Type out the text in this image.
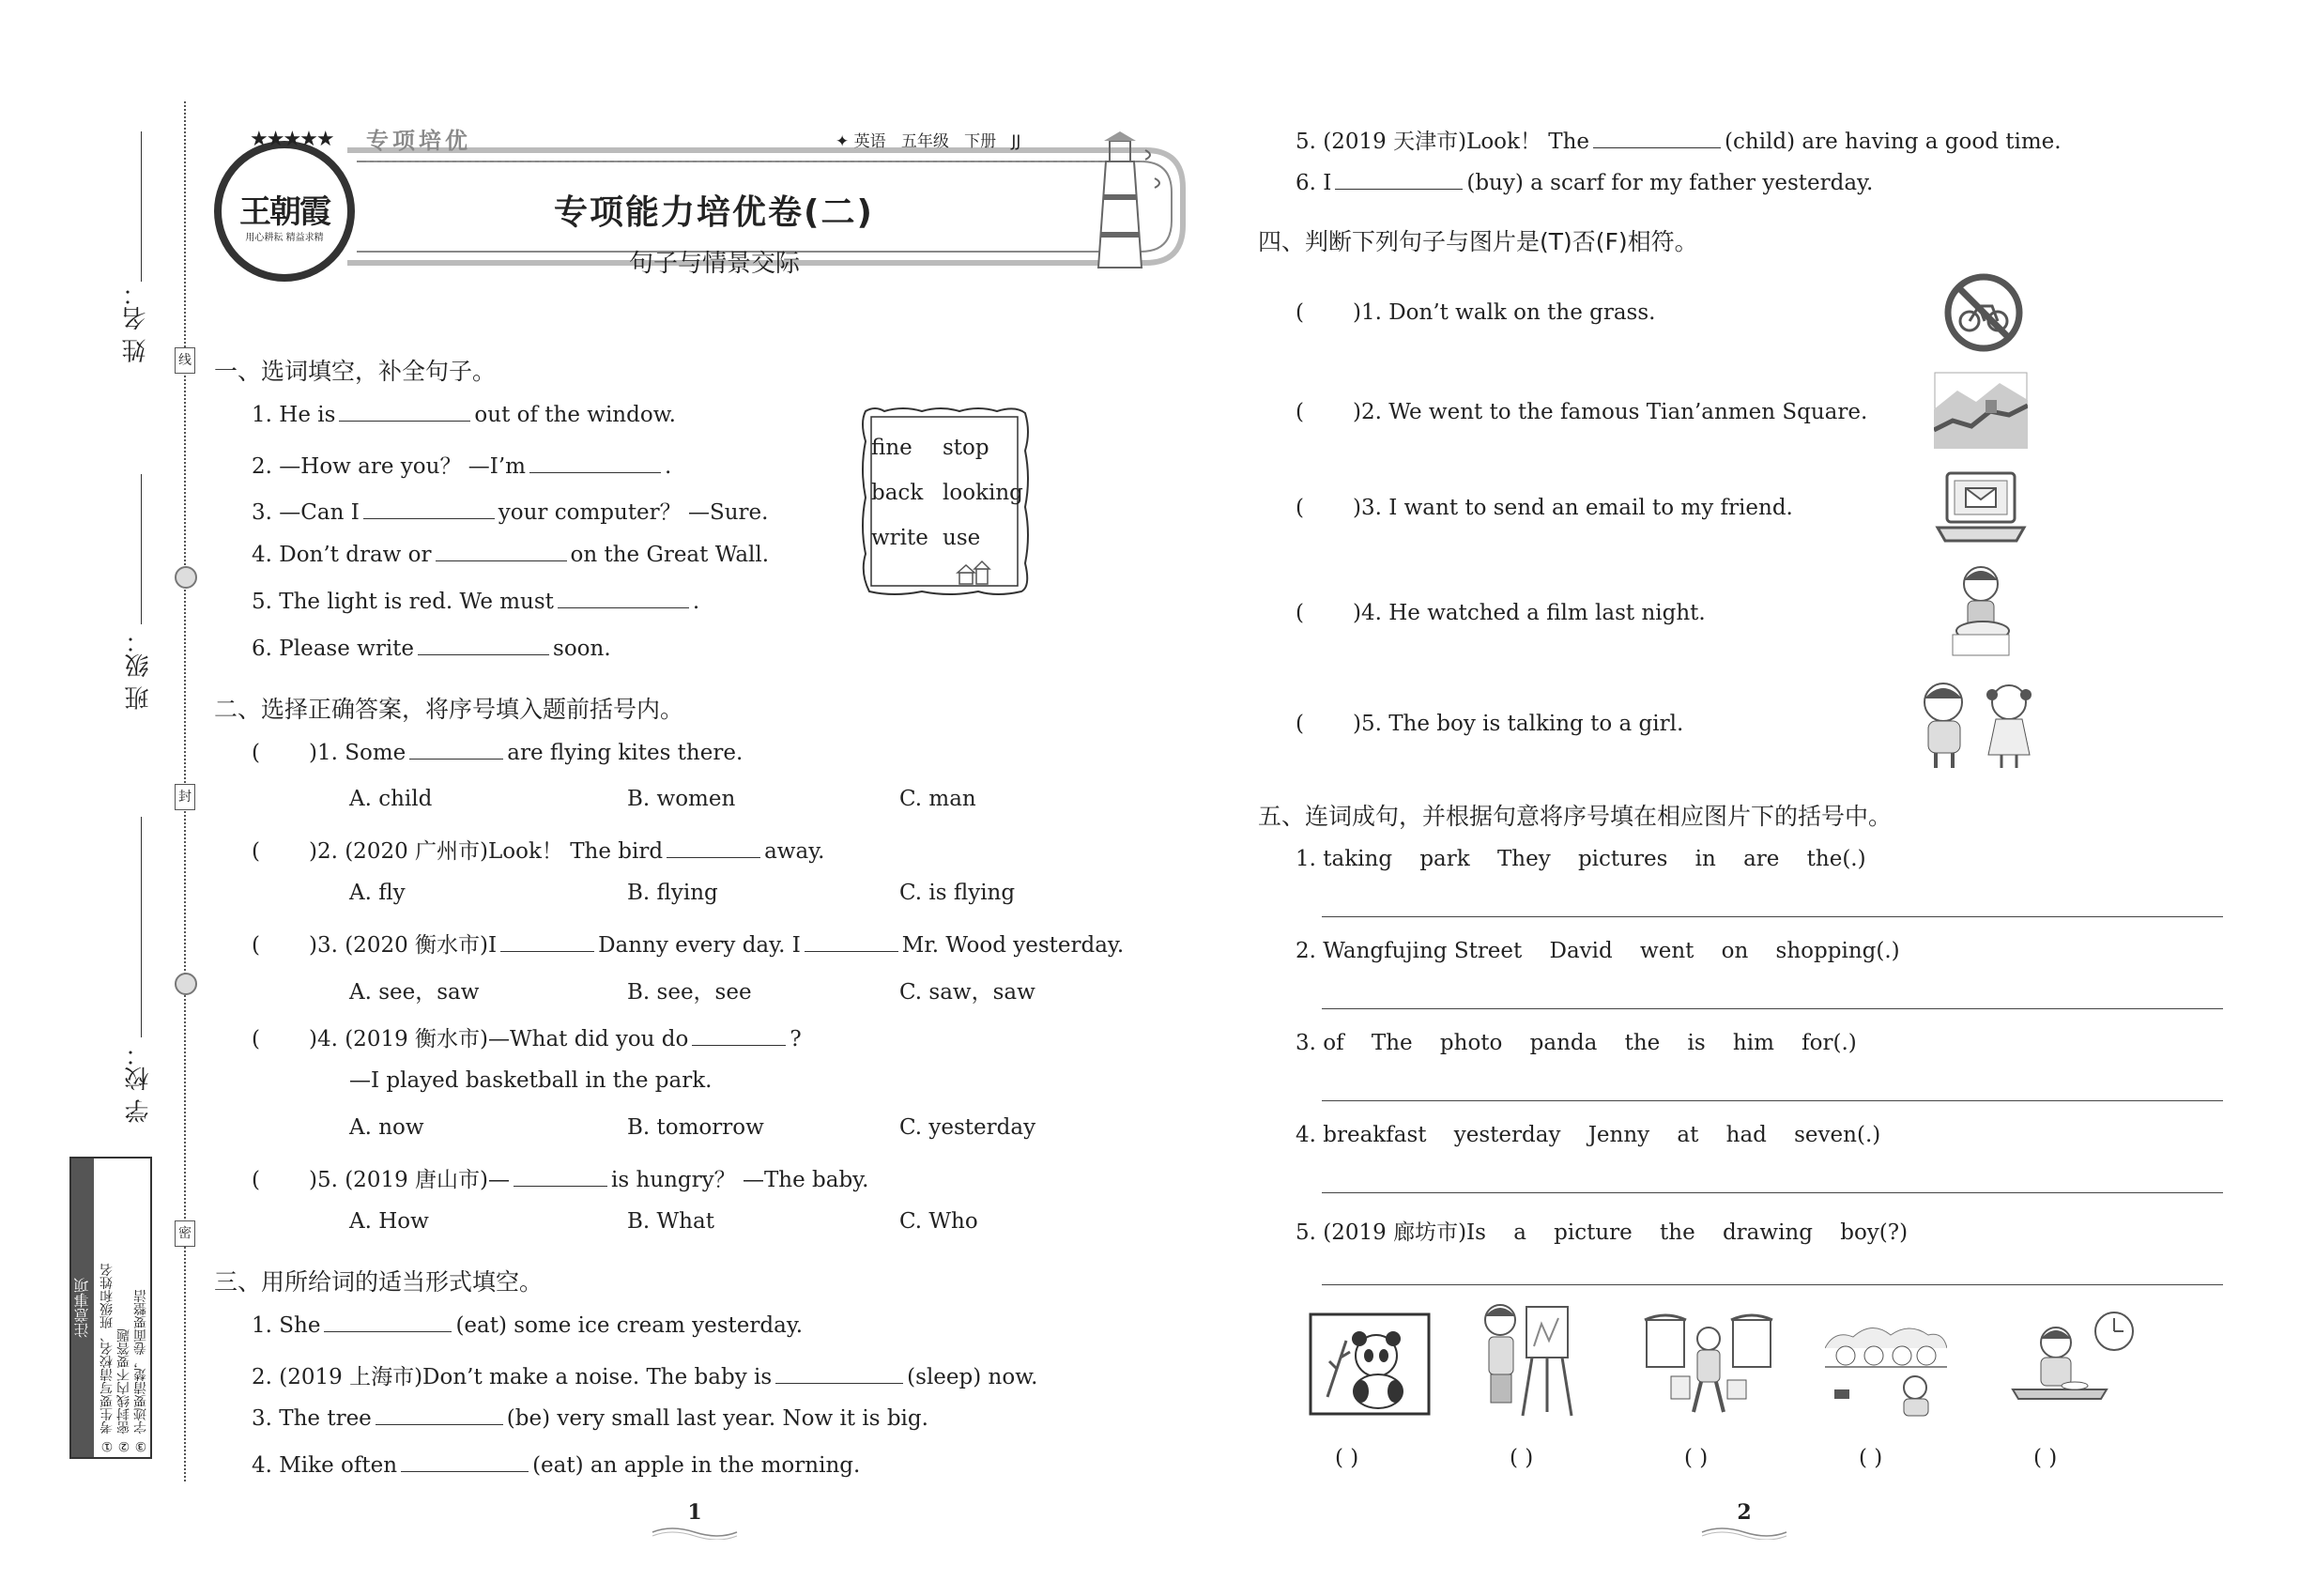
姓 名：
班 级：
学 校：
线
封
密
注意事项 ① 考生要写清校名、班级和姓名 ② 密封线内不要答题 ③ 字迹要清楚，卷面要整洁
★★★★★
王朝霞
用心耕耘 精益求精
专项培优	✦ 英语 五年级 下册 JJ
专项能力培优卷(二)
句子与情景交际
一、选词填空，补全句子。
1. He is	out of the window.
2. —How are you？ —I’m	.
3. —Can I	your computer？ —Sure.
4. Don’t draw or	on the Great Wall.
5. The light is red. We must	.
6. Please write	soon.
fine stop
back looking
write use
二、选择正确答案，将序号填入题前括号内。
( )1. Some	are flying kites there.
A. child	B. women	C. man
( )2. (2020 广州市)Look！ The bird	away.
A. fly	B. flying	C. is flying
( )3. (2020 衡水市)I	Danny every day. I	Mr. Wood yesterday.
A. see，saw	B. see，see	C. saw，saw
( )4. (2019 衡水市)—What did you do	?
—I played basketball in the park.
A. now	B. tomorrow	C. yesterday
( )5. (2019 唐山市)—	is hungry？ —The baby.
A. How	B. What	C. Who
三、用所给词的适当形式填空。
1. She	(eat) some ice cream yesterday.
2. (2019 上海市)Don’t make a noise. The baby is	(sleep) now.
3. The tree	(be) very small last year. Now it is big.
4. Mike often	(eat) an apple in the morning.
1
5. (2019 天津市)Look！ The	(child) are having a good time.
6. I	(buy) a scarf for my father yesterday.
四、判断下列句子与图片是(T)否(F)相符。
( )1. Don’t walk on the grass.
( )2. We went to the famous Tian’anmen Square.
( )3. I want to send an email to my friend.
( )4. He watched a film last night.
( )5. The boy is talking to a girl.
五、连词成句，并根据句意将序号填在相应图片下的括号中。
1. taking park They pictures in are the(.)
2. Wangfujing Street David went on shopping(.)
3. of The photo panda the is him for(.)
4. breakfast yesterday Jenny at had seven(.)
5. (2019 廊坊市)Is a picture the drawing boy(?)
( )	( )	( )	( )	( )
2
